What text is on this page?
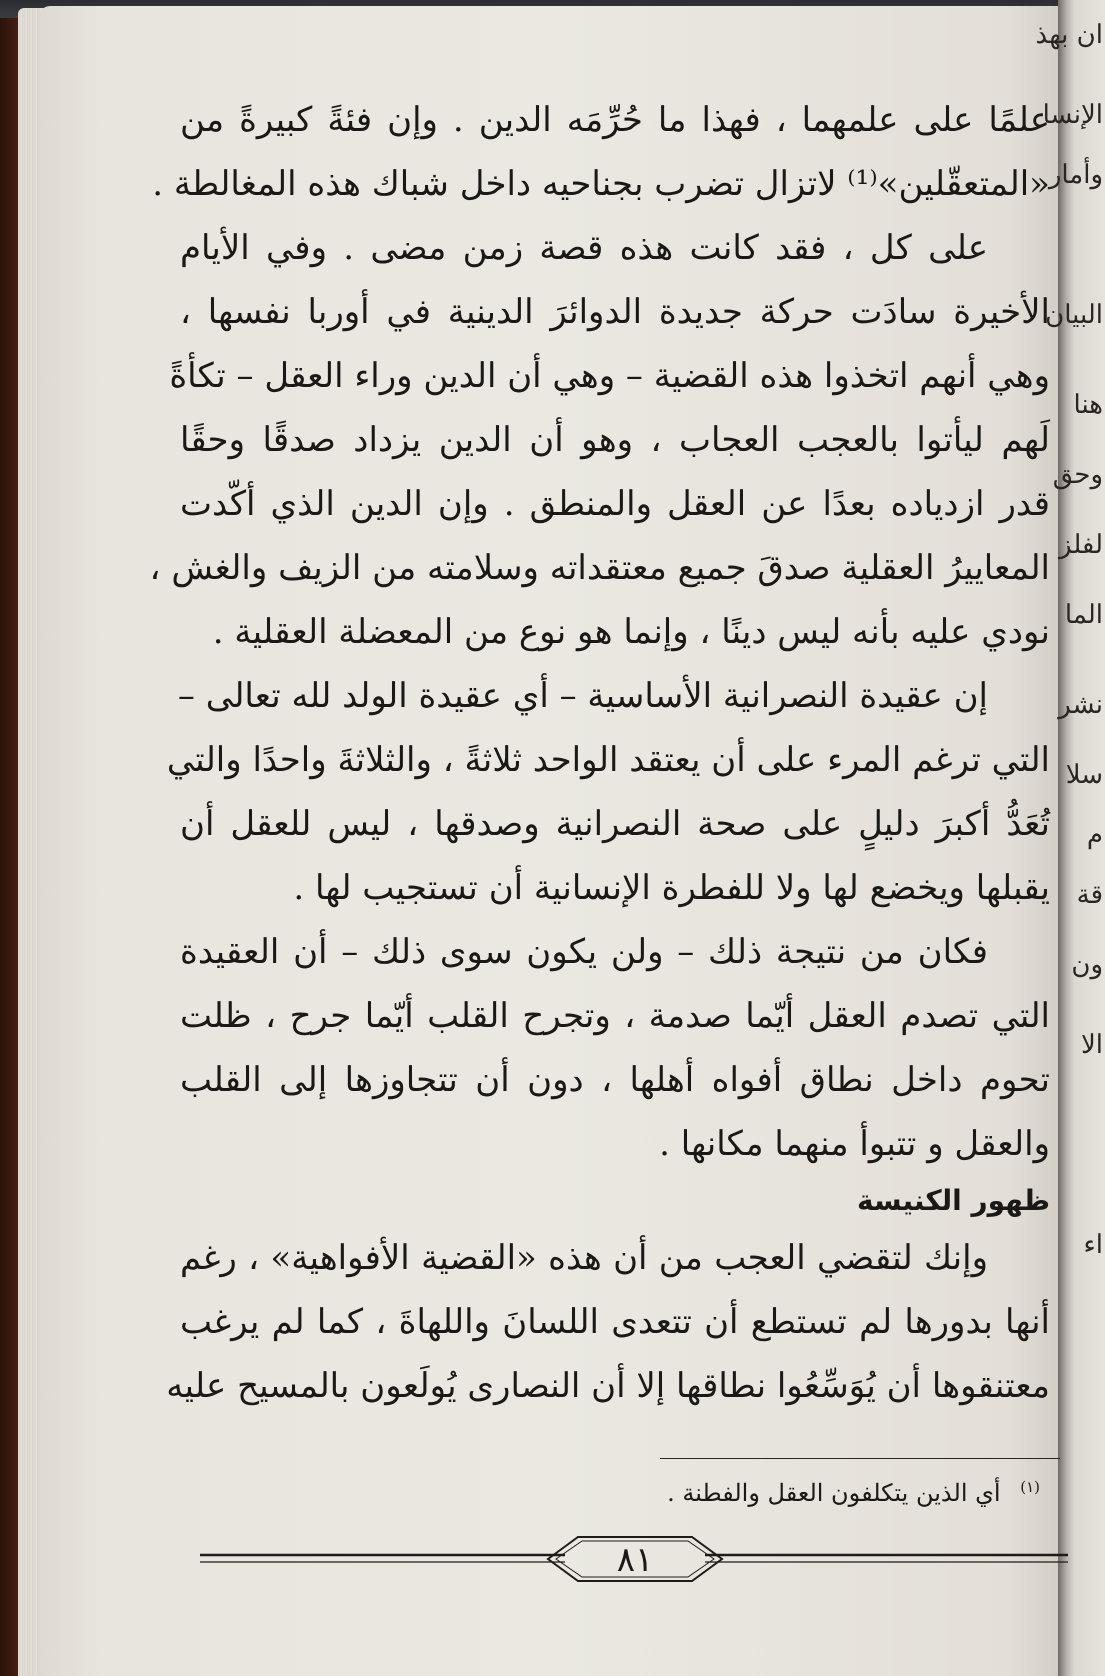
ان بهذ
الإنسا
وأمار
البيان
هنا
وحق
لفلز
الما
نشر
سلا
م
قة
ون
الا
اء
علمًا على علمهما ، فهذا ما حُرِّمَه الدين . وإن فئةً كبيرةً من
«المتعقّلين»⁽¹⁾ لاتزال تضرب بجناحيه داخل شباك هذه المغالطة .
على كل ، فقد كانت هذه قصة زمن مضى . وفي الأيام
الأخيرة سادَت حركة جديدة الدوائرَ الدينية في أوربا نفسها ،
وهي أنهم اتخذوا هذه القضية – وهي أن الدين وراء العقل – تكأةً
لَهم ليأتوا بالعجب العجاب ، وهو أن الدين يزداد صدقًا وحقًا
قدر ازدياده بعدًا عن العقل والمنطق . وإن الدين الذي أكّدت
المعاييرُ العقلية صدقَ جميع معتقداته وسلامته من الزيف والغش ،
نودي عليه بأنه ليس دينًا ، وإنما هو نوع من المعضلة العقلية .
إن عقيدة النصرانية الأساسية – أي عقيدة الولد لله تعالى –
التي ترغم المرء على أن يعتقد الواحد ثلاثةً ، والثلاثةَ واحدًا والتي
تُعَدُّ أكبرَ دليلٍ على صحة النصرانية وصدقها ، ليس للعقل أن
يقبلها ويخضع لها ولا للفطرة الإنسانية أن تستجيب لها .
فكان من نتيجة ذلك – ولن يكون سوى ذلك – أن العقيدة
التي تصدم العقل أيّما صدمة ، وتجرح القلب أيّما جرح ، ظلت
تحوم داخل نطاق أفواه أهلها ، دون أن تتجاوزها إلى القلب
والعقل و تتبوأ منهما مكانها .
ظهور الكنيسة
وإنك لتقضي العجب من أن هذه «القضية الأفواهية» ، رغم
أنها بدورها لم تستطع أن تتعدى اللسانَ واللهاةَ ، كما لم يرغب
معتنقوها أن يُوَسِّعُوا نطاقها إلا أن النصارى يُولَعون بالمسيح عليه
$^{(١)}$ أي الذين يتكلفون العقل والفطنة .
٨١
